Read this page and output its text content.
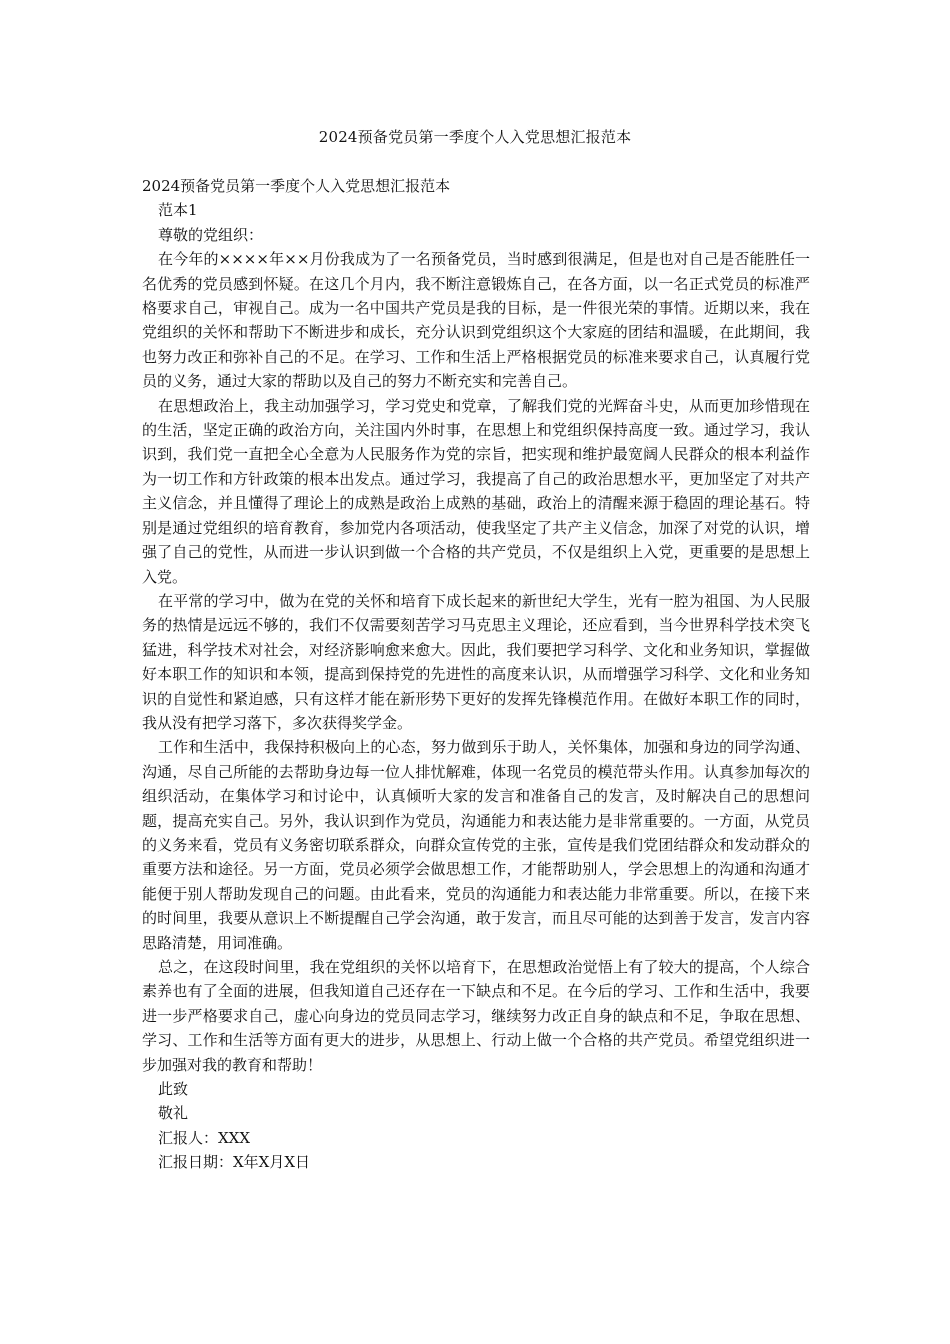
2024预备党员第一季度个人入党思想汇报范本

2024预备党员第一季度个人入党思想汇报范本

范本1

尊敬的党组织：

在今年的××××年××月份我成为了一名预备党员，当时感到很满足，但是也对自己是否能胜任一名优秀的党员感到怀疑。在这几个月内，我不断注意锻炼自己，在各方面，以一名正式党员的标准严格要求自己，审视自己。成为一名中国共产党员是我的目标，是一件很光荣的事情。近期以来，我在党组织的关怀和帮助下不断进步和成长，充分认识到党组织这个大家庭的团结和温暖，在此期间，我也努力改正和弥补自己的不足。在学习、工作和生活上严格根据党员的标准来要求自己，认真履行党员的义务，通过大家的帮助以及自己的努力不断充实和完善自己。

在思想政治上，我主动加强学习，学习党史和党章，了解我们党的光辉奋斗史，从而更加珍惜现在的生活，坚定正确的政治方向，关注国内外时事，在思想上和党组织保持高度一致。通过学习，我认识到，我们党一直把全心全意为人民服务作为党的宗旨，把实现和维护最宽阔人民群众的根本利益作为一切工作和方针政策的根本出发点。通过学习，我提高了自己的政治思想水平，更加坚定了对共产主义信念，并且懂得了理论上的成熟是政治上成熟的基础，政治上的清醒来源于稳固的理论基石。特别是通过党组织的培育教育，参加党内各项活动，使我坚定了共产主义信念，加深了对党的认识，增强了自己的党性，从而进一步认识到做一个合格的共产党员，不仅是组织上入党，更重要的是思想上入党。

在平常的学习中，做为在党的关怀和培育下成长起来的新世纪大学生，光有一腔为祖国、为人民服务的热情是远远不够的，我们不仅需要刻苦学习马克思主义理论，还应看到，当今世界科学技术突飞猛进，科学技术对社会，对经济影响愈来愈大。因此，我们要把学习科学、文化和业务知识，掌握做好本职工作的知识和本领，提高到保持党的先进性的高度来认识，从而增强学习科学、文化和业务知识的自觉性和紧迫感，只有这样才能在新形势下更好的发挥先锋模范作用。在做好本职工作的同时，我从没有把学习落下，多次获得奖学金。

工作和生活中，我保持积极向上的心态，努力做到乐于助人，关怀集体，加强和身边的同学沟通、沟通，尽自己所能的去帮助身边每一位人排忧解难，体现一名党员的模范带头作用。认真参加每次的组织活动，在集体学习和讨论中，认真倾听大家的发言和准备自己的发言，及时解决自己的思想问题，提高充实自己。另外，我认识到作为党员，沟通能力和表达能力是非常重要的。一方面，从党员的义务来看，党员有义务密切联系群众，向群众宣传党的主张，宣传是我们党团结群众和发动群众的重要方法和途径。另一方面，党员必须学会做思想工作，才能帮助别人，学会思想上的沟通和沟通才能便于别人帮助发现自己的问题。由此看来，党员的沟通能力和表达能力非常重要。所以，在接下来的时间里，我要从意识上不断提醒自己学会沟通，敢于发言，而且尽可能的达到善于发言，发言内容思路清楚，用词准确。

总之，在这段时间里，我在党组织的关怀以培育下，在思想政治觉悟上有了较大的提高，个人综合素养也有了全面的进展，但我知道自己还存在一下缺点和不足。在今后的学习、工作和生活中，我要进一步严格要求自己，虚心向身边的党员同志学习，继续努力改正自身的缺点和不足，争取在思想、学习、工作和生活等方面有更大的进步，从思想上、行动上做一个合格的共产党员。希望党组织进一步加强对我的教育和帮助！

此致

敬礼

汇报人：XXX

汇报日期：X年X月X日
